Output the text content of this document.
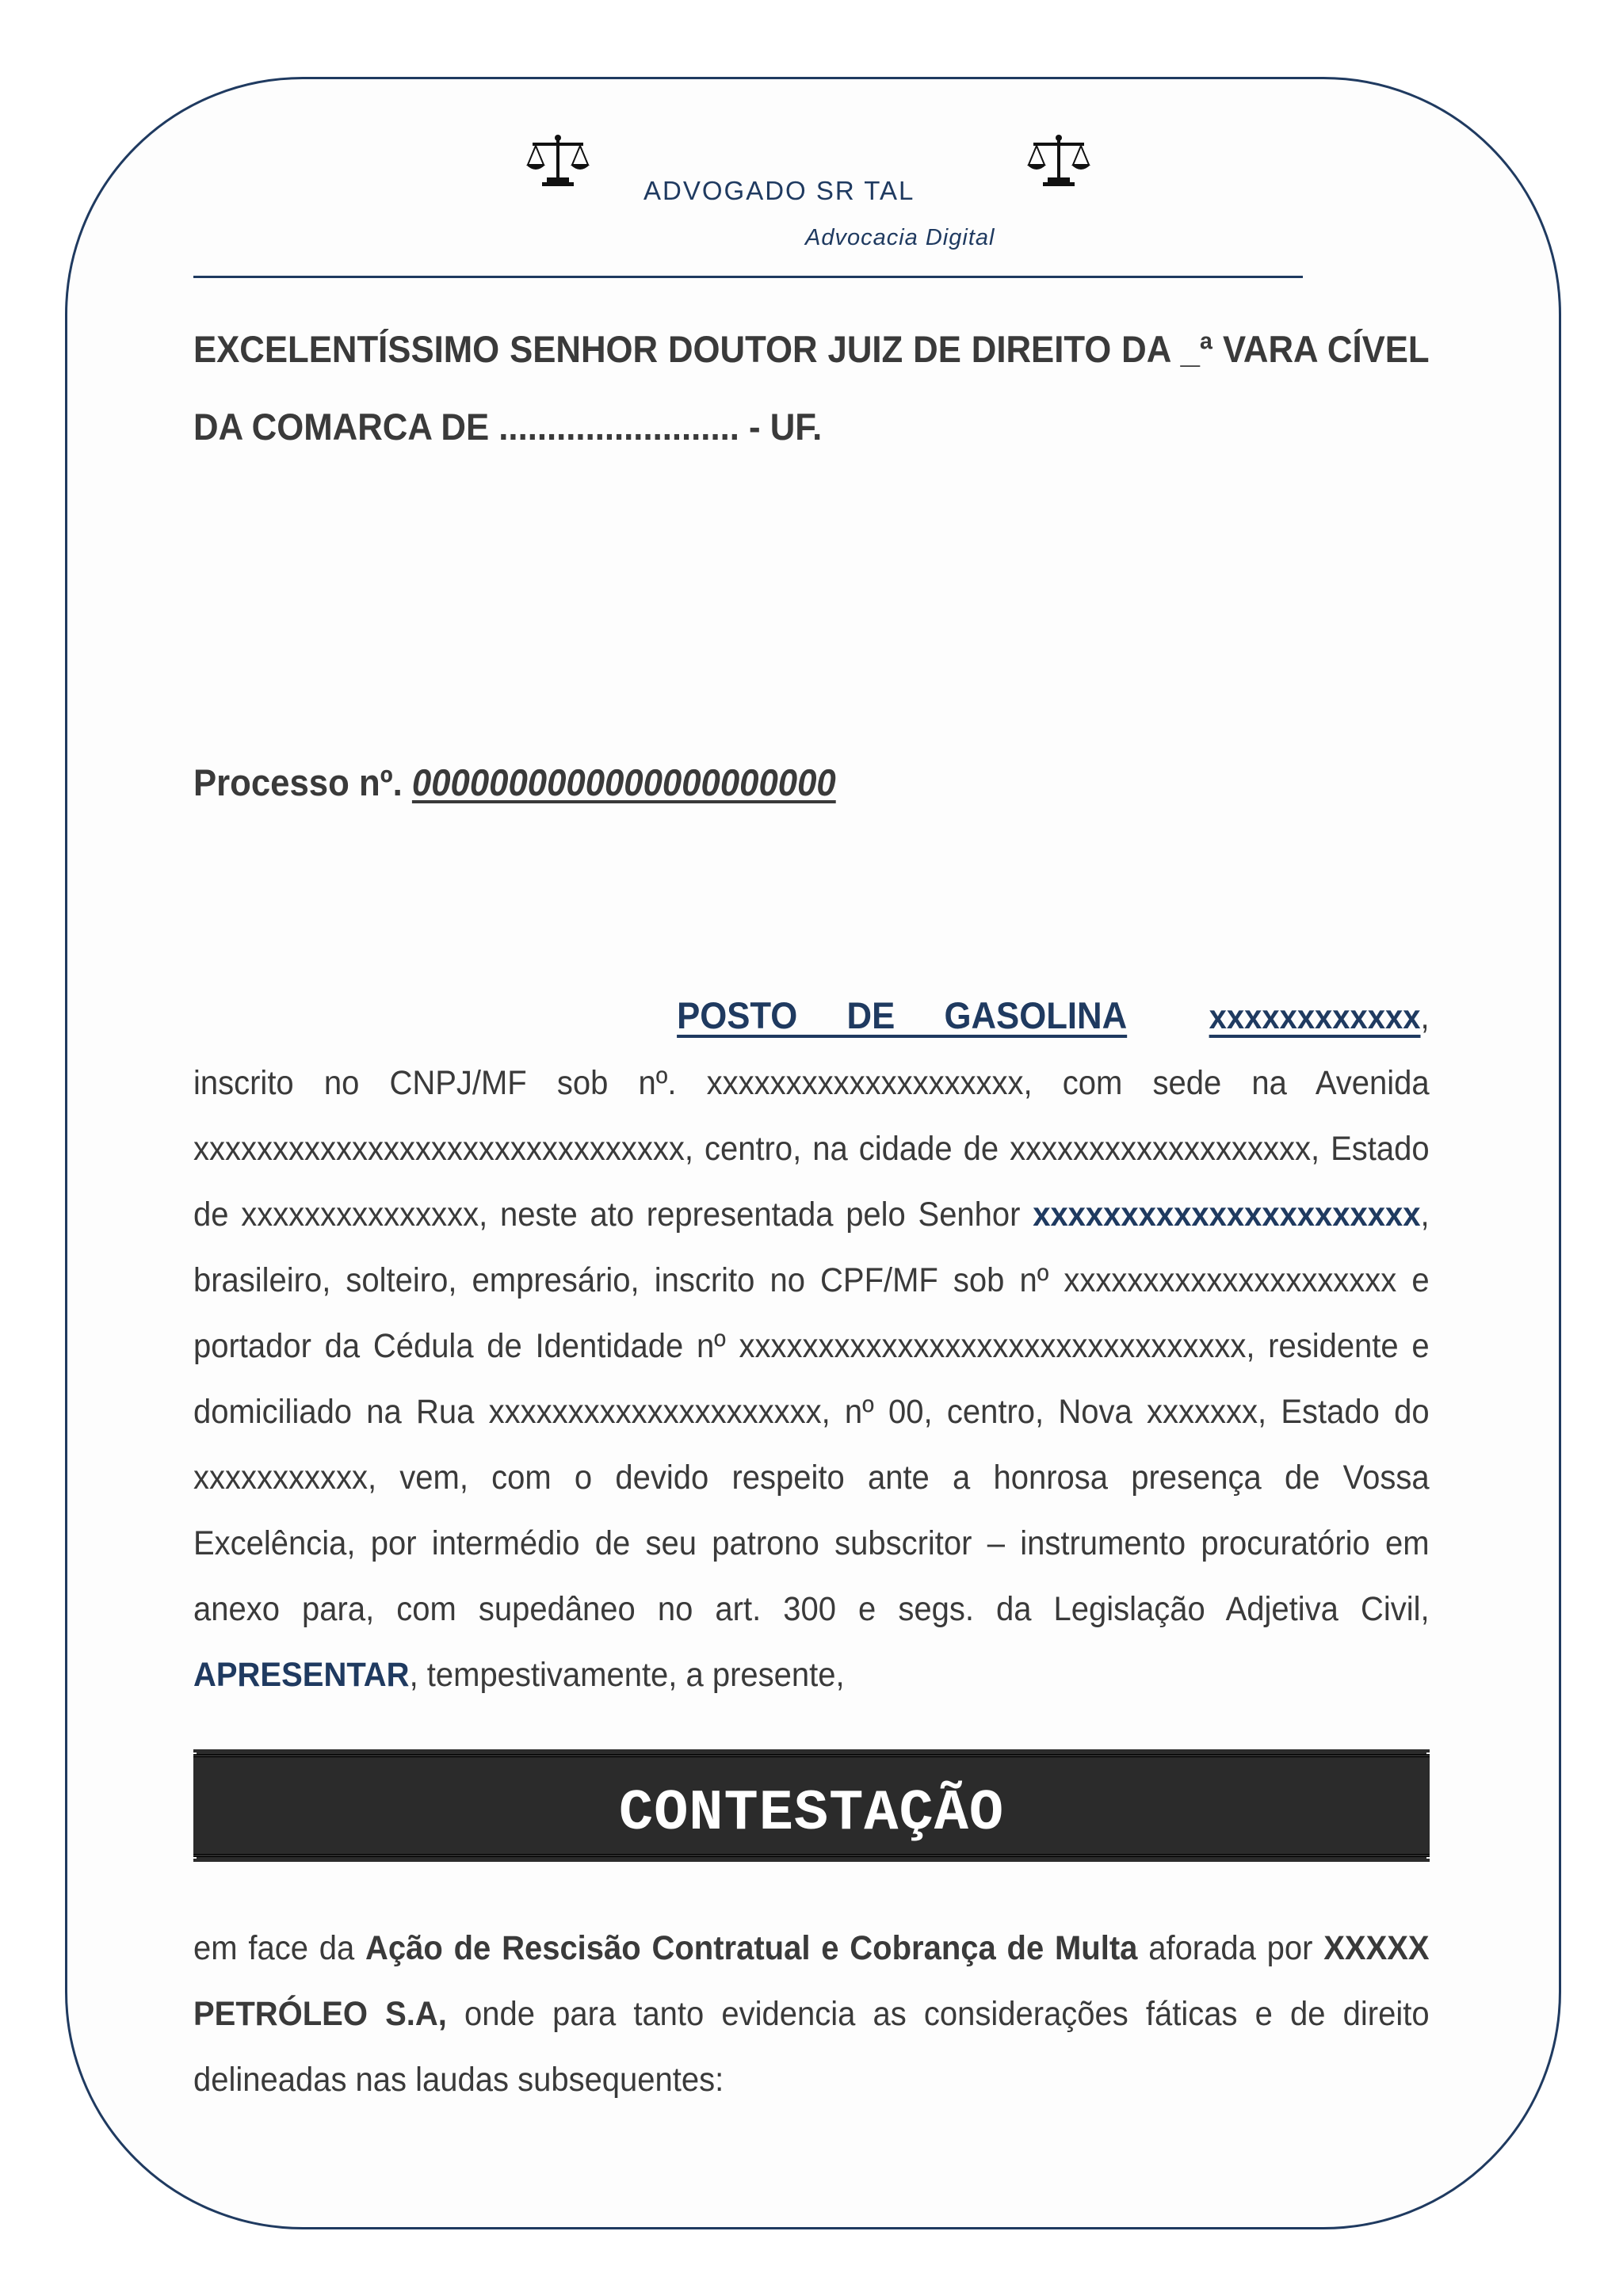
ADVOGADO SR TAL
Advocacia Digital
EXCELENTÍSSIMO SENHOR DOUTOR JUIZ DE DIREITO DA _ª VARA CÍVEL DA COMARCA DE ......................... - UF.
Processo nº. 0000000000000000000000
POSTO DE GASOLINA xxxxxxxxxxxx, inscrito no CNPJ/MF sob nº. xxxxxxxxxxxxxxxxxxxx, com sede na Avenida xxxxxxxxxxxxxxxxxxxxxxxxxxxxxxx, centro, na cidade de xxxxxxxxxxxxxxxxxxx, Estado de xxxxxxxxxxxxxxx, neste ato representada pelo Senhor xxxxxxxxxxxxxxxxxxxxxx, brasileiro, solteiro, empresário, inscrito no CPF/MF sob nº xxxxxxxxxxxxxxxxxxxxx e portador da Cédula de Identidade nº xxxxxxxxxxxxxxxxxxxxxxxxxxxxxxxx, residente e domiciliado na Rua xxxxxxxxxxxxxxxxxxxxx, nº 00, centro, Nova xxxxxxx, Estado do xxxxxxxxxxx, vem, com o devido respeito ante a honrosa presença de Vossa Excelência, por intermédio de seu patrono subscritor – instrumento procuratório em anexo para, com supedâneo no art. 300 e segs. da Legislação Adjetiva Civil, APRESENTAR, tempestivamente, a presente,
CONTESTAÇÃO
em face da Ação de Rescisão Contratual e Cobrança de Multa aforada por XXXXX PETRÓLEO S.A, onde para tanto evidencia as considerações fáticas e de direito delineadas nas laudas subsequentes:
